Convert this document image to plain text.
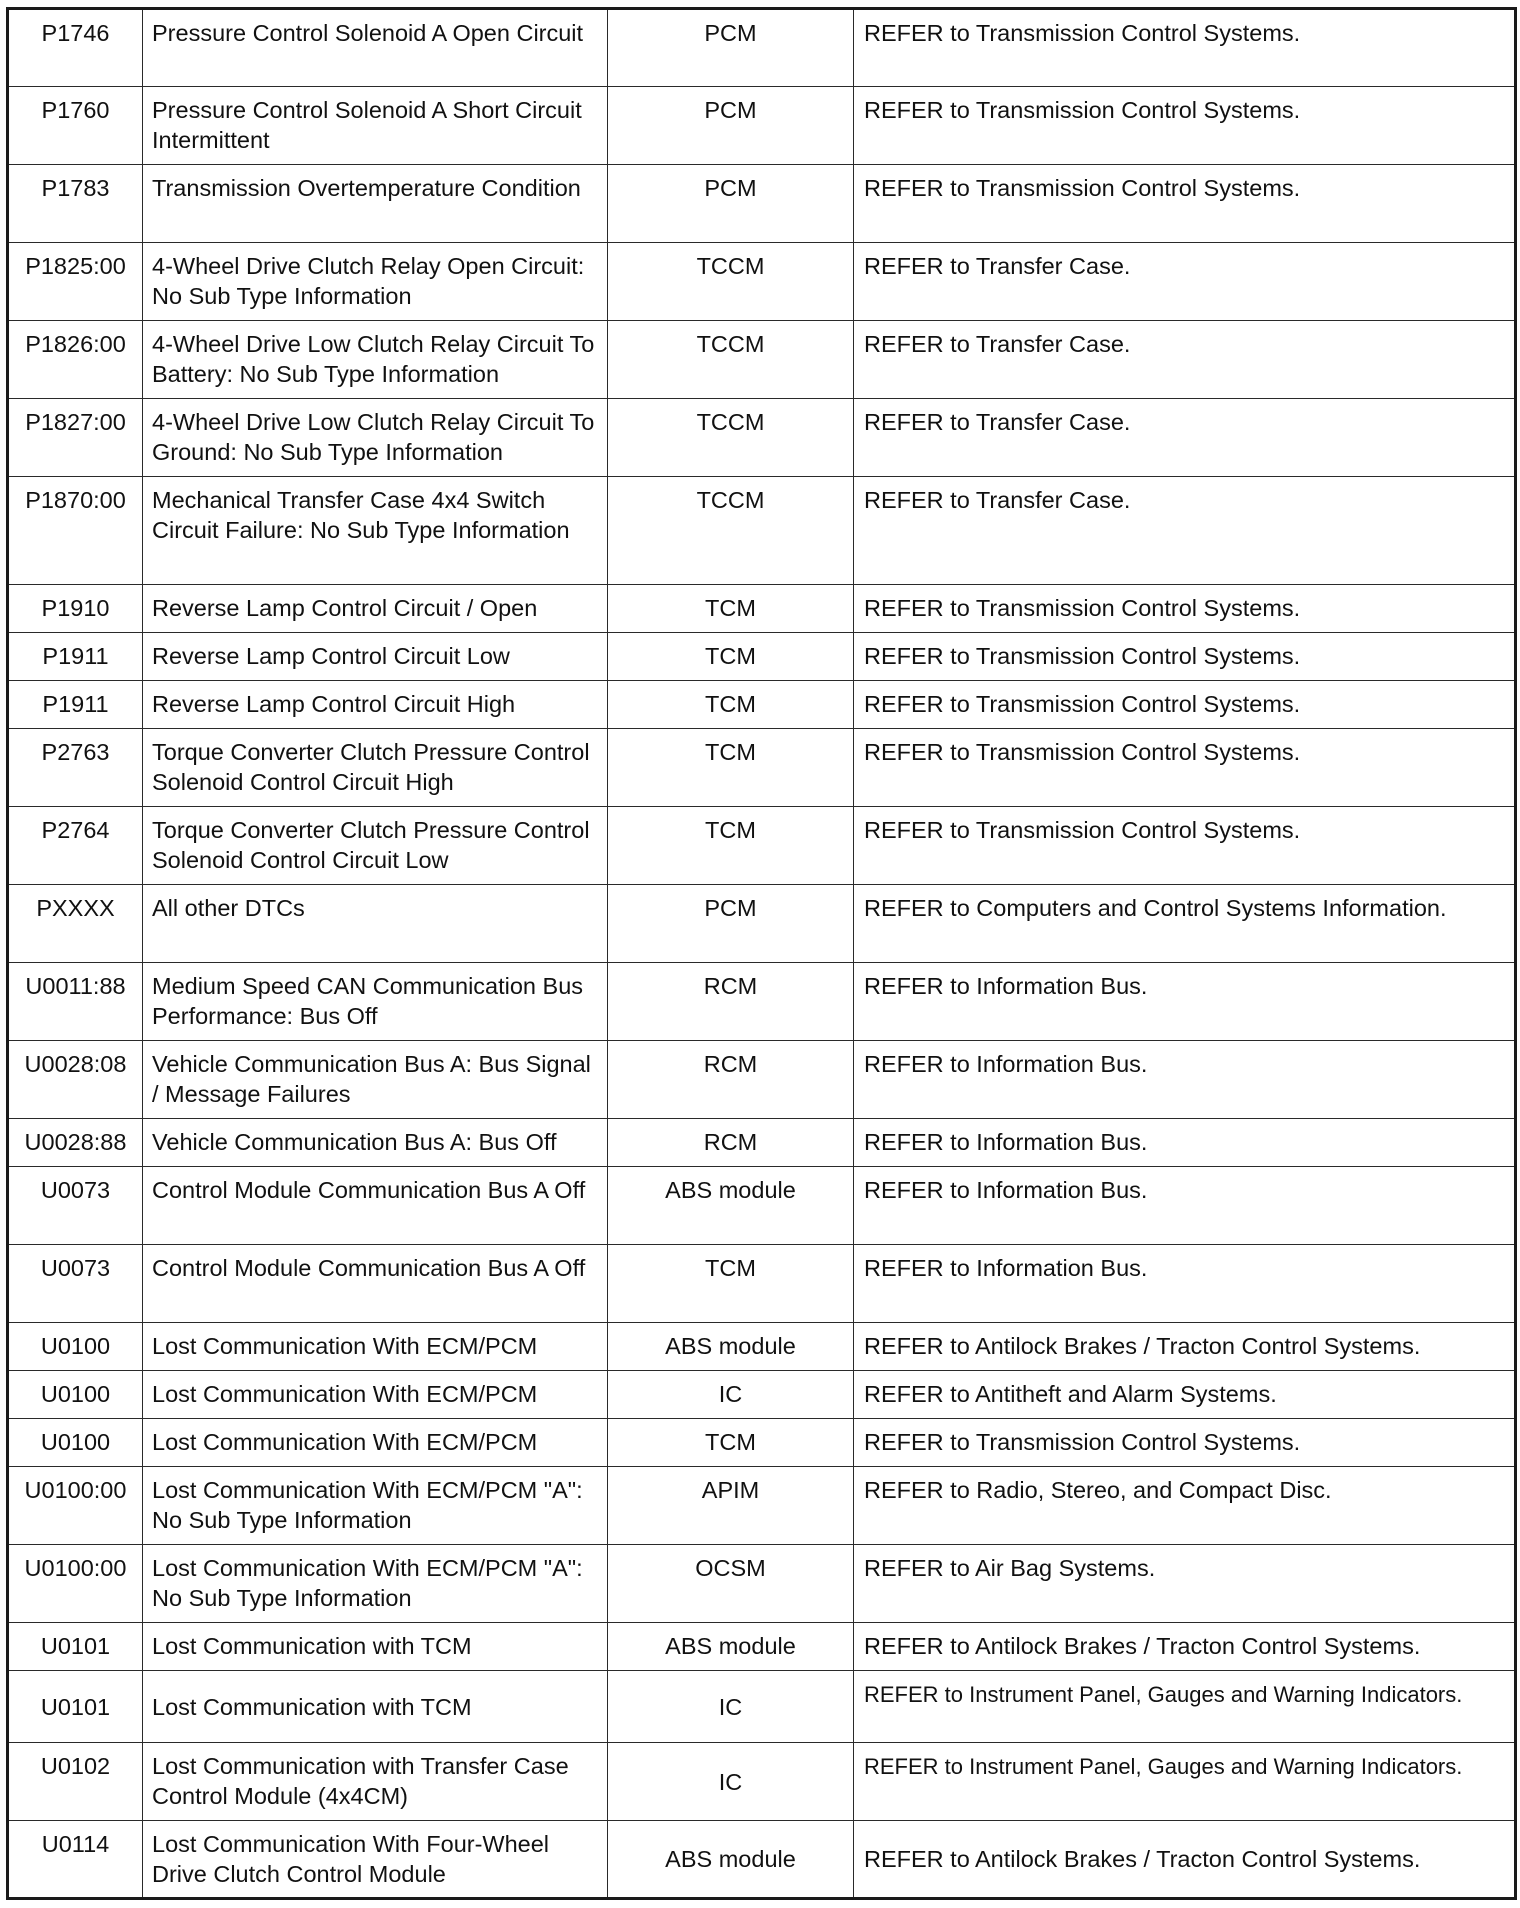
P1746	Pressure Control Solenoid A Open Circuit	PCM	REFER to Transmission Control Systems.
P1760	Pressure Control Solenoid A Short Circuit Intermittent	PCM	REFER to Transmission Control Systems.
P1783	Transmission Overtemperature Condition	PCM	REFER to Transmission Control Systems.
P1825:00	4-Wheel Drive Clutch Relay Open Circuit: No Sub Type Information	TCCM	REFER to Transfer Case.
P1826:00	4-Wheel Drive Low Clutch Relay Circuit To Battery: No Sub Type Information	TCCM	REFER to Transfer Case.
P1827:00	4-Wheel Drive Low Clutch Relay Circuit To Ground: No Sub Type Information	TCCM	REFER to Transfer Case.
P1870:00	Mechanical Transfer Case 4x4 Switch Circuit Failure: No Sub Type Information	TCCM	REFER to Transfer Case.
P1910	Reverse Lamp Control Circuit / Open	TCM	REFER to Transmission Control Systems.
P1911	Reverse Lamp Control Circuit Low	TCM	REFER to Transmission Control Systems.
P1911	Reverse Lamp Control Circuit High	TCM	REFER to Transmission Control Systems.
P2763	Torque Converter Clutch Pressure Control Solenoid Control Circuit High	TCM	REFER to Transmission Control Systems.
P2764	Torque Converter Clutch Pressure Control Solenoid Control Circuit Low	TCM	REFER to Transmission Control Systems.
PXXXX	All other DTCs	PCM	REFER to Computers and Control Systems Information.
U0011:88	Medium Speed CAN Communication Bus Performance: Bus Off	RCM	REFER to Information Bus.
U0028:08	Vehicle Communication Bus A: Bus Signal / Message Failures	RCM	REFER to Information Bus.
U0028:88	Vehicle Communication Bus A: Bus Off	RCM	REFER to Information Bus.
U0073	Control Module Communication Bus A Off	ABS module	REFER to Information Bus.
U0073	Control Module Communication Bus A Off	TCM	REFER to Information Bus.
U0100	Lost Communication With ECM/PCM	ABS module	REFER to Antilock Brakes / Tracton Control Systems.
U0100	Lost Communication With ECM/PCM	IC	REFER to Antitheft and Alarm Systems.
U0100	Lost Communication With ECM/PCM	TCM	REFER to Transmission Control Systems.
U0100:00	Lost Communication With ECM/PCM "A": No Sub Type Information	APIM	REFER to Radio, Stereo, and Compact Disc.
U0100:00	Lost Communication With ECM/PCM "A": No Sub Type Information	OCSM	REFER to Air Bag Systems.
U0101	Lost Communication with TCM	ABS module	REFER to Antilock Brakes / Tracton Control Systems.
U0101	Lost Communication with TCM	IC	REFER to Instrument Panel, Gauges and Warning Indicators.
U0102	Lost Communication with Transfer Case Control Module (4x4CM)	IC	REFER to Instrument Panel, Gauges and Warning Indicators.
U0114	Lost Communication With Four-Wheel Drive Clutch Control Module	ABS module	REFER to Antilock Brakes / Tracton Control Systems.
